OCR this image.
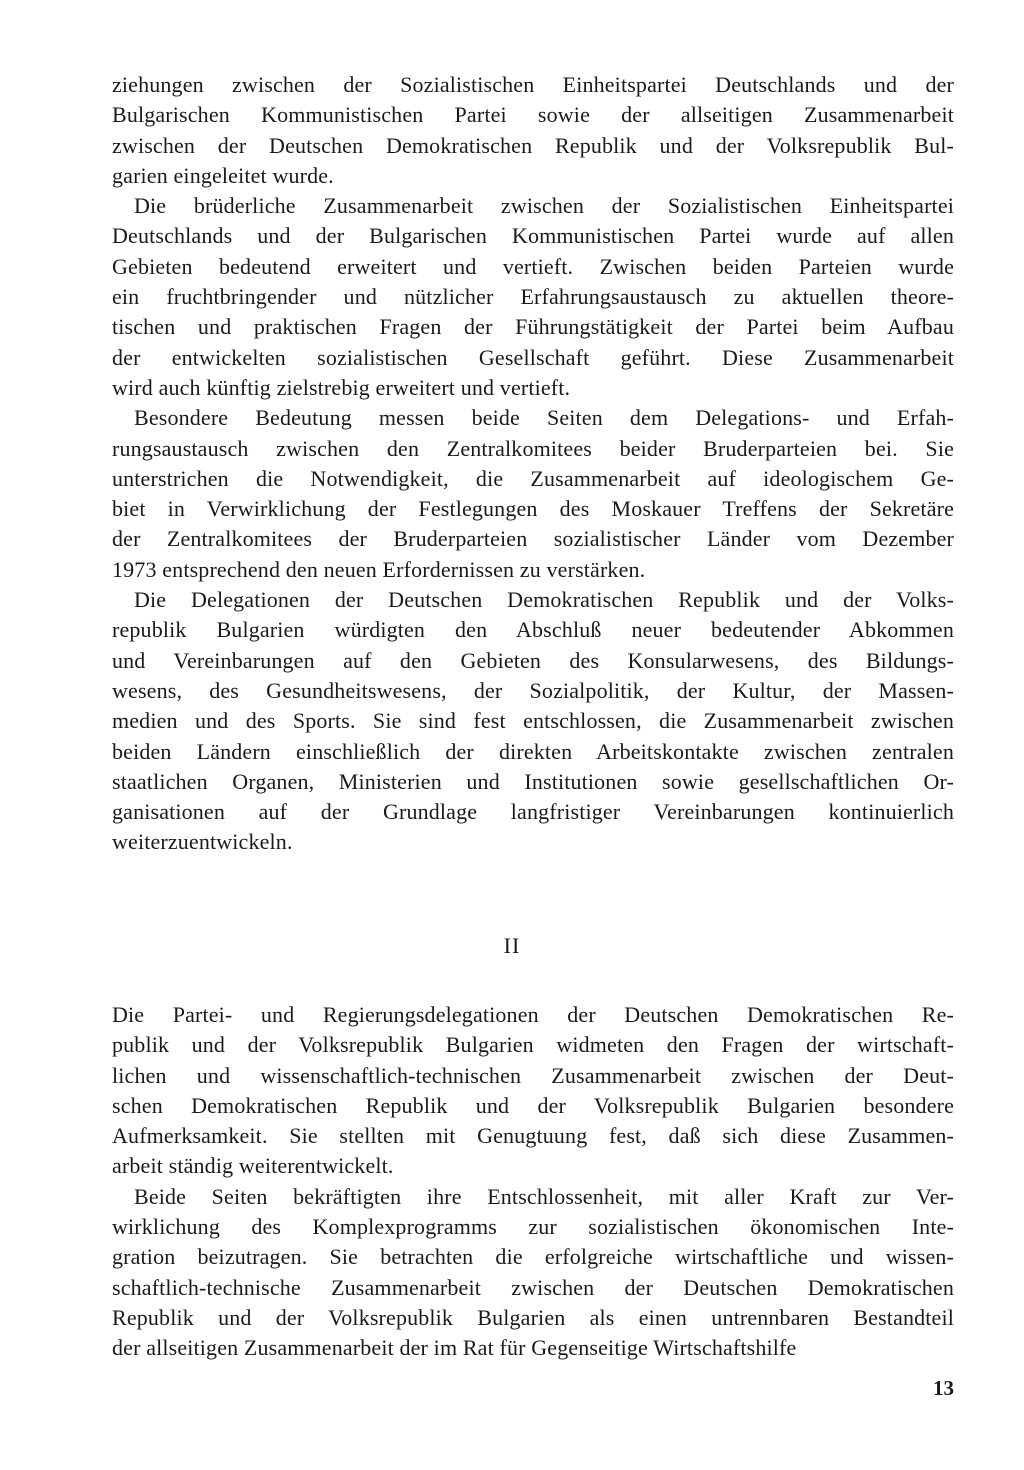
ziehungen zwischen der Sozialistischen Einheitspartei Deutschlands und der
Bulgarischen Kommunistischen Partei sowie der allseitigen Zusammenarbeit
zwischen der Deutschen Demokratischen Republik und der Volksrepublik Bul-
garien eingeleitet wurde.

Die brüderliche Zusammenarbeit zwischen der Sozialistischen Einheitspartei
Deutschlands und der Bulgarischen Kommunistischen Partei wurde auf allen
Gebieten bedeutend erweitert und vertieft. Zwischen beiden Parteien wurde
ein fruchtbringender und nützlicher Erfahrungsaustausch zu aktuellen theore-
tischen und praktischen Fragen der Führungstätigkeit der Partei beim Aufbau
der entwickelten sozialistischen Gesellschaft geführt. Diese Zusammenarbeit
wird auch künftig zielstrebig erweitert und vertieft.

Besondere Bedeutung messen beide Seiten dem Delegations- und Erfah-
rungsaustausch zwischen den Zentralkomitees beider Bruderparteien bei. Sie
unterstrichen die Notwendigkeit, die Zusammenarbeit auf ideologischem Ge-
biet in Verwirklichung der Festlegungen des Moskauer Treffens der Sekretäre
der Zentralkomitees der Bruderparteien sozialistischer Länder vom Dezember
1973 entsprechend den neuen Erfordernissen zu verstärken.

Die Delegationen der Deutschen Demokratischen Republik und der Volks-
republik Bulgarien würdigten den Abschluß neuer bedeutender Abkommen
und Vereinbarungen auf den Gebieten des Konsularwesens, des Bildungs-
wesens, des Gesundheitswesens, der Sozialpolitik, der Kultur, der Massen-
medien und des Sports. Sie sind fest entschlossen, die Zusammenarbeit zwischen
beiden Ländern einschließlich der direkten Arbeitskontakte zwischen zentralen
staatlichen Organen, Ministerien und Institutionen sowie gesellschaftlichen Or-
ganisationen auf der Grundlage langfristiger Vereinbarungen kontinuierlich
weiterzuentwickeln.

II

Die Partei- und Regierungsdelegationen der Deutschen Demokratischen Re-
publik und der Volksrepublik Bulgarien widmeten den Fragen der wirtschaft-
lichen und wissenschaftlich-technischen Zusammenarbeit zwischen der Deut-
schen Demokratischen Republik und der Volksrepublik Bulgarien besondere
Aufmerksamkeit. Sie stellten mit Genugtuung fest, daß sich diese Zusammen-
arbeit ständig weiterentwickelt.

Beide Seiten bekräftigten ihre Entschlossenheit, mit aller Kraft zur Ver-
wirklichung des Komplexprogramms zur sozialistischen ökonomischen Inte-
gration beizutragen. Sie betrachten die erfolgreiche wirtschaftliche und wissen-
schaftlich-technische Zusammenarbeit zwischen der Deutschen Demokratischen
Republik und der Volksrepublik Bulgarien als einen untrennbaren Bestandteil
der allseitigen Zusammenarbeit der im Rat für Gegenseitige Wirtschaftshilfe

13
